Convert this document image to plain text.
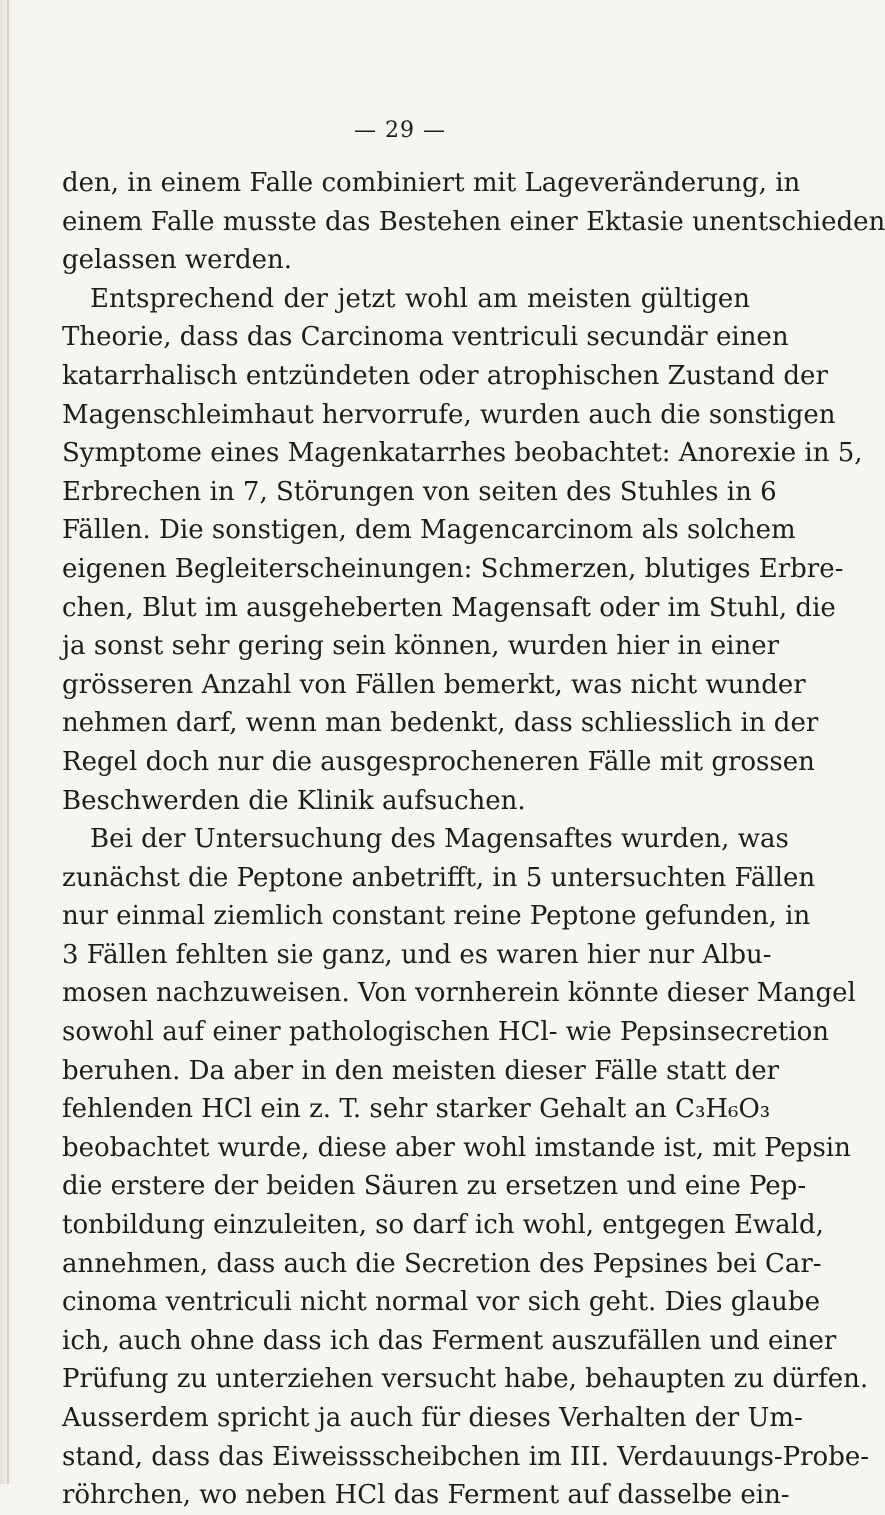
— 29 —
den, in einem Falle combiniert mit Lageveränderung, in
einem Falle musste das Bestehen einer Ektasie unentschieden
gelassen werden.
Entsprechend der jetzt wohl am meisten gültigen
Theorie, dass das Carcinoma ventriculi secundär einen
katarrhalisch entzündeten oder atrophischen Zustand der
Magenschleimhaut hervorrufe, wurden auch die sonstigen
Symptome eines Magenkatarrhes beobachtet: Anorexie in 5,
Erbrechen in 7, Störungen von seiten des Stuhles in 6
Fällen. Die sonstigen, dem Magencarcinom als solchem
eigenen Begleiterscheinungen: Schmerzen, blutiges Erbre-
chen, Blut im ausgeheberten Magensaft oder im Stuhl, die
ja sonst sehr gering sein können, wurden hier in einer
grösseren Anzahl von Fällen bemerkt, was nicht wunder
nehmen darf, wenn man bedenkt, dass schliesslich in der
Regel doch nur die ausgesprocheneren Fälle mit grossen
Beschwerden die Klinik aufsuchen.
Bei der Untersuchung des Magensaftes wurden, was
zunächst die Peptone anbetrifft, in 5 untersuchten Fällen
nur einmal ziemlich constant reine Peptone gefunden, in
3 Fällen fehlten sie ganz, und es waren hier nur Albu-
mosen nachzuweisen. Von vornherein könnte dieser Mangel
sowohl auf einer pathologischen HCl- wie Pepsinsecretion
beruhen. Da aber in den meisten dieser Fälle statt der
fehlenden HCl ein z. T. sehr starker Gehalt an C₃H₆O₃
beobachtet wurde, diese aber wohl imstande ist, mit Pepsin
die erstere der beiden Säuren zu ersetzen und eine Pep-
tonbildung einzuleiten, so darf ich wohl, entgegen Ewald,
annehmen, dass auch die Secretion des Pepsines bei Car-
cinoma ventriculi nicht normal vor sich geht. Dies glaube
ich, auch ohne dass ich das Ferment auszufällen und einer
Prüfung zu unterziehen versucht habe, behaupten zu dürfen.
Ausserdem spricht ja auch für dieses Verhalten der Um-
stand, dass das Eiweissscheibchen im III. Verdauungs-Probe-
röhrchen, wo neben HCl das Ferment auf dasselbe ein-
